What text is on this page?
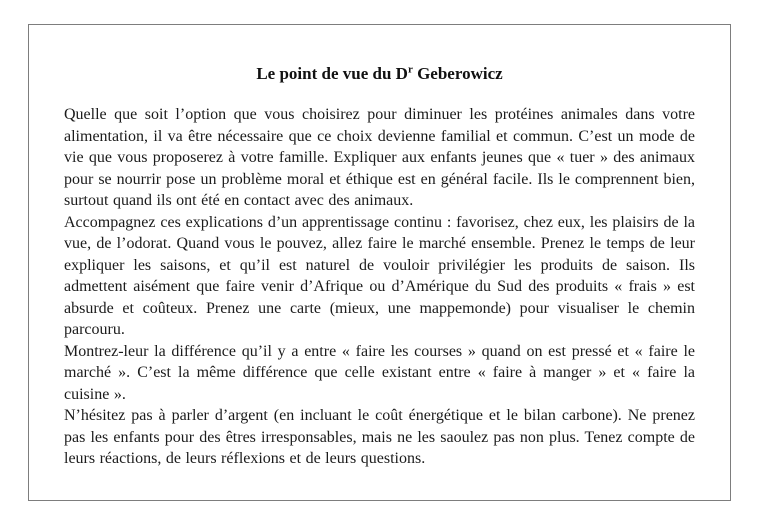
Le point de vue du $D^r$ Geberowicz

Quelle que soit l’option que vous choisirez pour diminuer les protéines animales dans votre alimentation, il va être nécessaire que ce choix devienne familial et commun. C’est un mode de vie que vous proposerez à votre famille. Expliquer aux enfants jeunes que « tuer » des animaux pour se nourrir pose un problème moral et éthique est en général facile. Ils le comprennent bien, surtout quand ils ont été en contact avec des animaux.

Accompagnez ces explications d’un apprentissage continu : favorisez, chez eux, les plaisirs de la vue, de l’odorat. Quand vous le pouvez, allez faire le marché ensemble. Prenez le temps de leur expliquer les saisons, et qu’il est naturel de vouloir privilégier les produits de saison. Ils admettent aisément que faire venir d’Afrique ou d’Amérique du Sud des produits « frais » est absurde et coûteux. Prenez une carte (mieux, une mappemonde) pour visualiser le chemin parcouru.

Montrez-leur la différence qu’il y a entre « faire les courses » quand on est pressé et « faire le marché ». C’est la même différence que celle existant entre « faire à manger » et « faire la cuisine ».

N’hésitez pas à parler d’argent (en incluant le coût énergétique et le bilan carbone). Ne prenez pas les enfants pour des êtres irresponsables, mais ne les saoulez pas non plus. Tenez compte de leurs réactions, de leurs réflexions et de leurs questions.
